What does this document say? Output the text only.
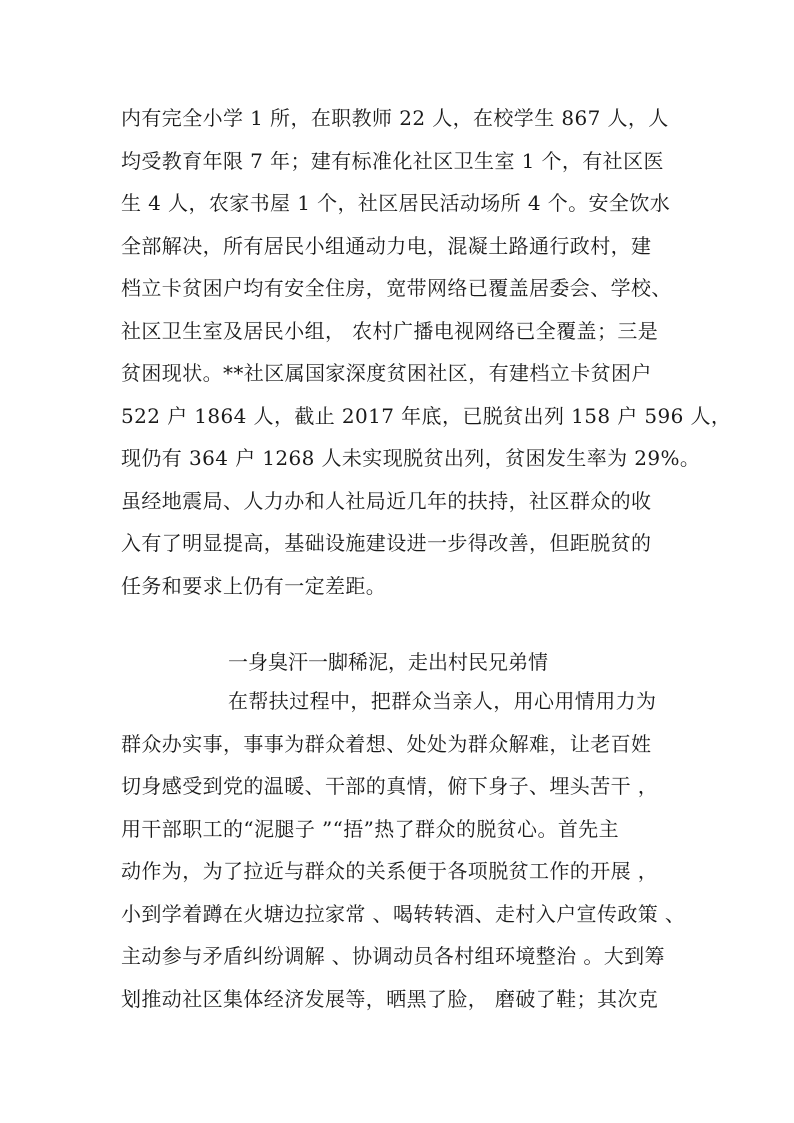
内有完全小学 1 所，在职教师 22 人，在校学生 867 人，人
均受教育年限 7 年；建有标准化社区卫生室 1 个，有社区医
生 4 人，农家书屋 1 个，社区居民活动场所 4 个。安全饮水
全部解决，所有居民小组通动力电，混凝土路通行政村，建
档立卡贫困户均有安全住房，宽带网络已覆盖居委会、学校、
社区卫生室及居民小组， 农村广播电视网络已全覆盖；三是
贫困现状。**社区属国家深度贫困社区，有建档立卡贫困户
522 户 1864 人，截止 2017 年底，已脱贫出列 158 户 596 人，
现仍有 364 户 1268 人未实现脱贫出列，贫困发生率为 29%。
虽经地震局、人力办和人社局近几年的扶持，社区群众的收
入有了明显提高，基础设施建设进一步得改善，但距脱贫的
任务和要求上仍有一定差距。
一身臭汗一脚稀泥，走出村民兄弟情
在帮扶过程中，把群众当亲人，用心用情用力为
群众办实事，事事为群众着想、处处为群众解难，让老百姓
切身感受到党的温暖、干部的真情，俯下身子、埋头苦干 ，
用干部职工的“泥腿子 ”“捂”热了群众的脱贫心。首先主
动作为，为了拉近与群众的关系便于各项脱贫工作的开展 ，
小到学着蹲在火塘边拉家常 、喝转转酒、走村入户宣传政策 、
主动参与矛盾纠纷调解 、协调动员各村组环境整治 。大到筹
划推动社区集体经济发展等，晒黑了脸， 磨破了鞋；其次克
